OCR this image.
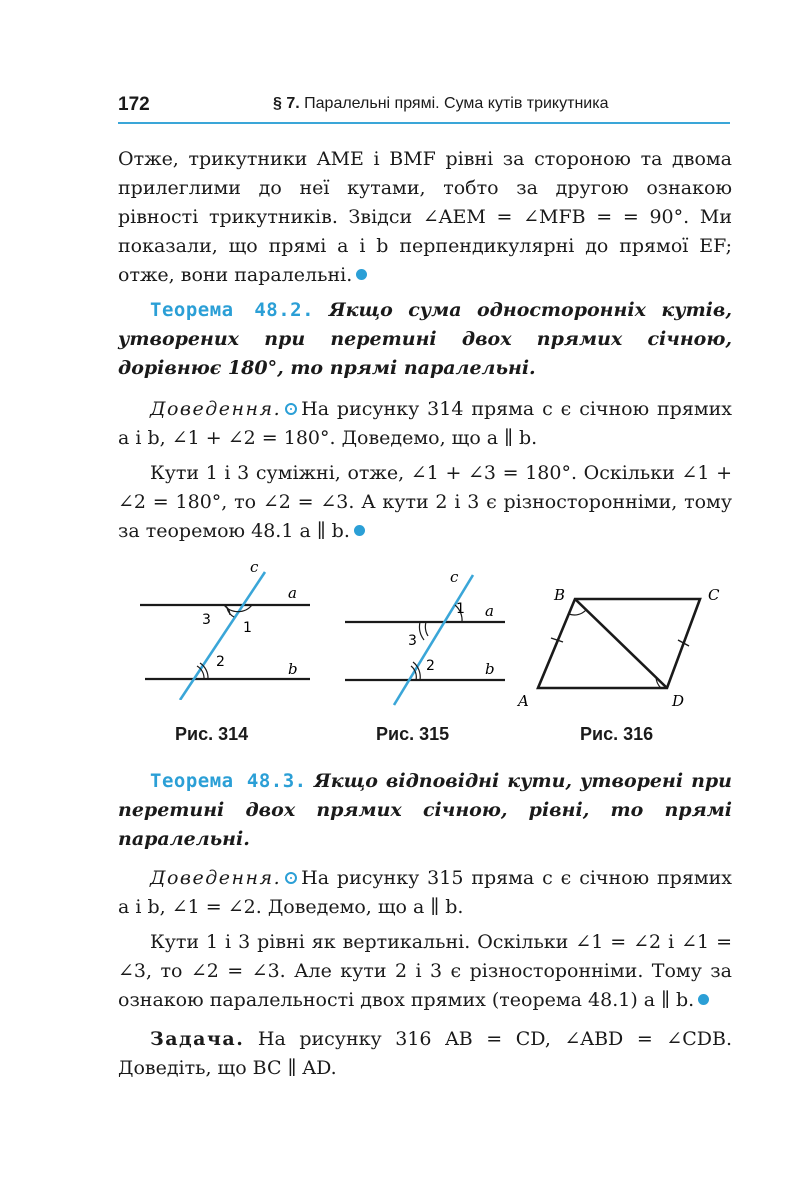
172	§ 7. Паралельні прямі. Сума кутів трикутника

Отже, трикутники AME і BMF рівні за стороною та двома прилеглими до неї кутами, тобто за другою ознакою рівності трикутників. Звідси ∠AEM = ∠MFB = = 90°. Ми показали, що прямі a і b перпендикулярні до прямої EF; отже, вони паралельні.

Теорема 48.2. Якщо сума односторонніх кутів, утворених при перетині двох прямих січною, дорівнює 180°, то прямі паралельні.

Доведення. На рисунку 314 пряма c є січною прямих a і b, ∠1 + ∠2 = 180°. Доведемо, що a ∥ b.

Кути 1 і 3 суміжні, отже, ∠1 + ∠3 = 180°. Оскільки ∠1 + ∠2 = 180°, то ∠2 = ∠3. А кути 2 і 3 є різносторонніми, тому за теоремою 48.1 a ∥ b.

c
a
b
1
2
3
Рис. 314
c
a
b
1
2
3
Рис. 315
B	C
A	D
Рис. 316

Теорема 48.3. Якщо відповідні кути, утворені при перетині двох прямих січною, рівні, то прямі паралельні.

Доведення. На рисунку 315 пряма c є січною прямих a і b, ∠1 = ∠2. Доведемо, що a ∥ b.

Кути 1 і 3 рівні як вертикальні. Оскільки ∠1 = ∠2 і ∠1 = ∠3, то ∠2 = ∠3. Але кути 2 і 3 є різносторонніми. Тому за ознакою паралельності двох прямих (теорема 48.1) a ∥ b.

Задача. На рисунку 316 AB = CD, ∠ABD = ∠CDB. Доведіть, що BC ∥ AD.
